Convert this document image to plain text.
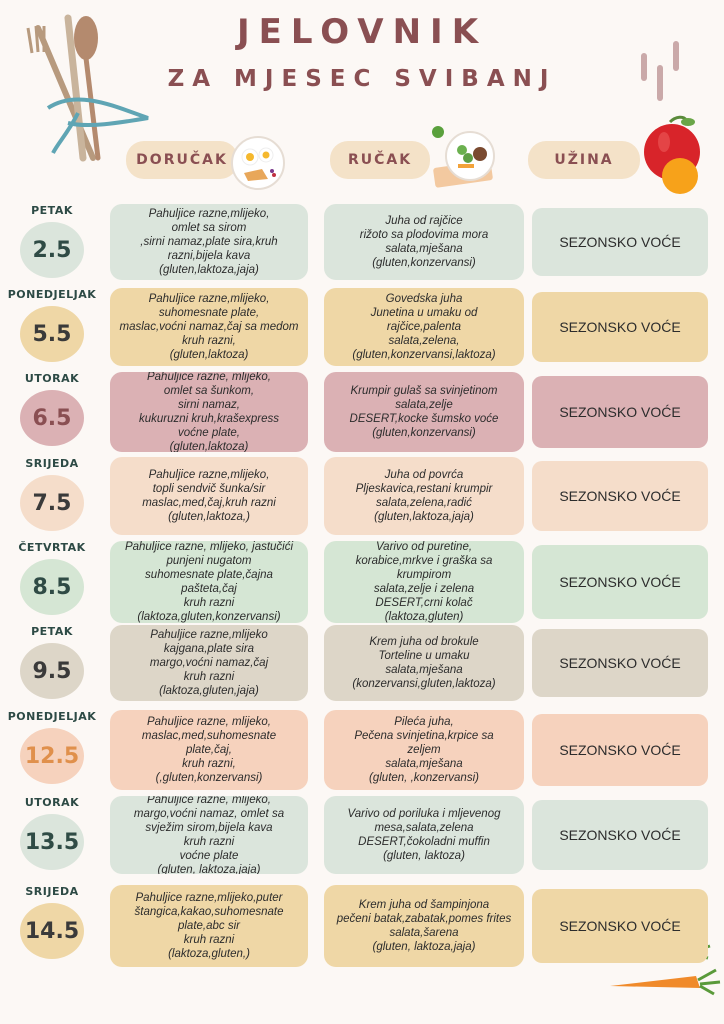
JELOVNIK
ZA MJESEC SVIBANJ
DORUČAK	RUČAK	UŽINA
PETAK
2.5
Pahuljice razne,mlijeko,
omlet sa sirom
,sirni namaz,plate sira,kruh
razni,bijela kava
(gluten,laktoza,jaja)
Juha od rajčice
rižoto sa plodovima mora
salata,mješana
(gluten,konzervansi)
SEZONSKO VOĆE
PONEDJELJAK
5.5
Pahuljice razne,mlijeko,
suhomesnate plate,
maslac,voćni namaz,čaj sa medom
kruh razni,
(gluten,laktoza)
Govedska juha
Junetina u umaku od
rajčice,palenta
salata,zelena,
(gluten,konzervansi,laktoza)
SEZONSKO VOĆE
UTORAK
6.5
Pahuljice razne, mlijeko,
omlet sa šunkom,
sirni namaz,
kukuruzni kruh,krašexpress
voćne plate,
(gluten,laktoza)
Krumpir gulaš sa svinjetinom
salata,zelje
DESERT,kocke šumsko voće
(gluten,konzervansi)
SEZONSKO VOĆE
SRIJEDA
7.5
Pahuljice razne,mlijeko,
topli sendvič šunka/sir
maslac,med,čaj,kruh razni
(gluten,laktoza,)
Juha od povrća
Pljeskavica,restani krumpir
salata,zelena,radić
(gluten,laktoza,jaja)
SEZONSKO VOĆE
ČETVRTAK
8.5
Pahuljice razne, mlijeko, jastučići
punjeni nugatom
suhomesnate plate,čajna
pašteta,čaj
kruh razni
(laktoza,gluten,konzervansi)
Varivo od puretine,
korabice,mrkve i graška sa
krumpirom
salata,zelje i zelena
DESERT,crni kolač
(laktoza,gluten)
SEZONSKO VOĆE
PETAK
9.5
Pahuljice razne,mlijeko
kajgana,plate sira
margo,voćni namaz,čaj
kruh razni
(laktoza,gluten,jaja)
Krem juha od brokule
Torteline u umaku
salata,mješana
(konzervansi,gluten,laktoza)
SEZONSKO VOĆE
PONEDJELJAK
12.5
Pahuljice razne, mlijeko,
maslac,med,suhomesnate
plate,čaj,
kruh razni,
(,gluten,konzervansi)
Pileća juha,
Pečena svinjetina,krpice sa
zeljem
salata,mješana
(gluten, ,konzervansi)
SEZONSKO VOĆE
UTORAK
13.5
Pahuljice razne, mlijeko,
margo,voćni namaz, omlet sa
svježim sirom,bijela kava
kruh razni
voćne plate
(gluten, laktoza,jaja)
Varivo od poriluka i mljevenog
mesa,salata,zelena
DESERT,čokoladni muffin
(gluten, laktoza)
SEZONSKO VOĆE
SRIJEDA
14.5
Pahuljice razne,mlijeko,puter
štangica,kakao,suhomesnate
plate,abc sir
kruh razni
(laktoza,gluten,)
Krem juha od šampinjona
pečeni batak,zabatak,pomes frites
salata,šarena
(gluten, laktoza,jaja)
SEZONSKO VOĆE
